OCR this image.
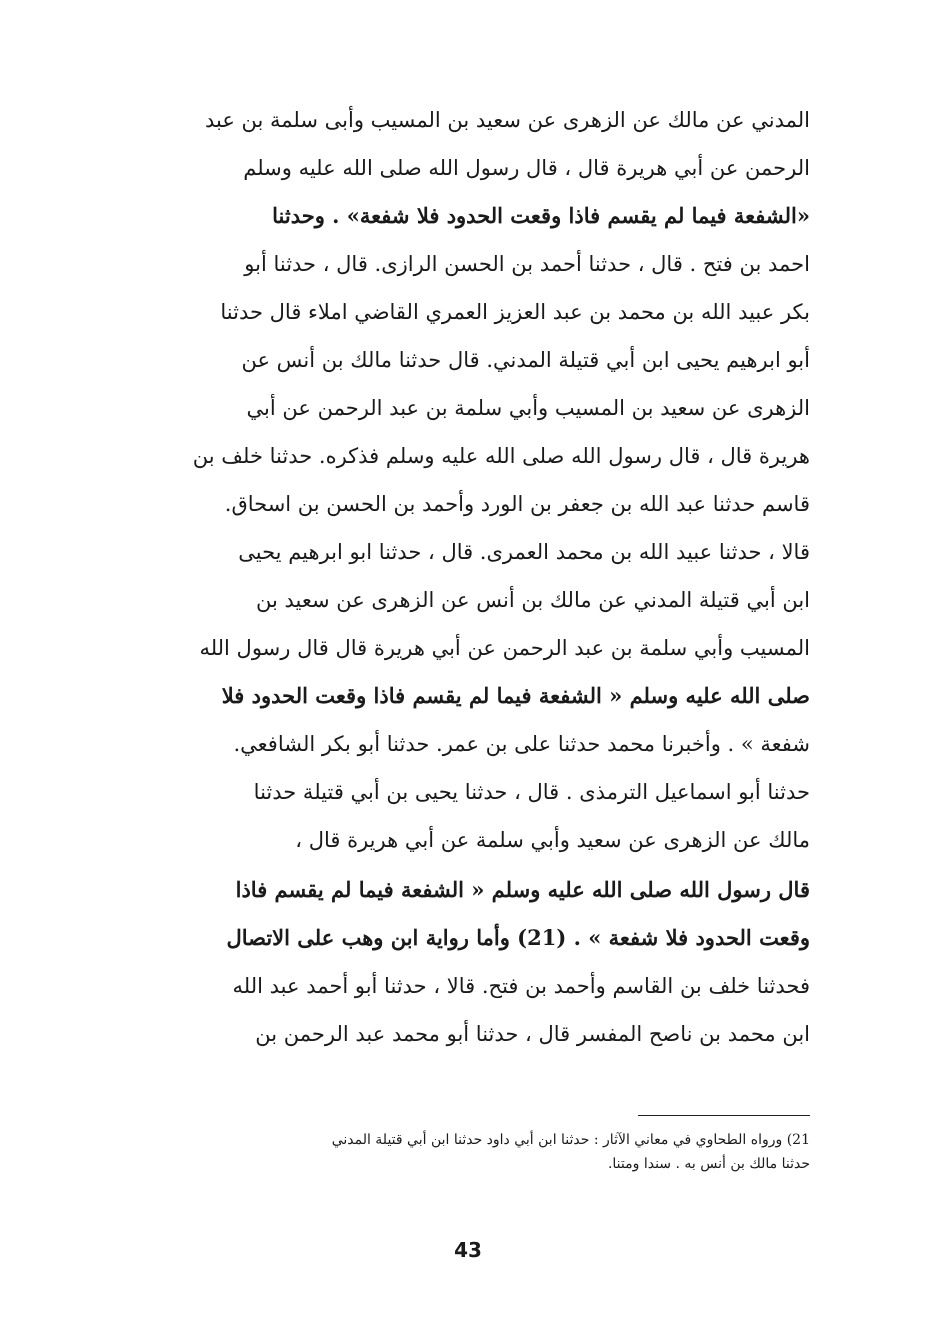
المدني عن مالك عن الزهرى عن سعيد بن المسيب وأبى سلمة بن عبد
الرحمن عن أبي هريرة قال ، قال رسول الله صلى الله عليه وسلم
«الشفعة فيما لم يقسم فاذا وقعت الحدود فلا شفعة» . وحدثنا
احمد بن فتح . قال ، حدثنا أحمد بن الحسن الرازى. قال ، حدثنا أبو
بكر عبيد الله بن محمد بن عبد العزيز العمري القاضي املاء قال حدثنا
أبو ابرهيم يحيى ابن أبي قتيلة المدني. قال حدثنا مالك بن أنس عن
الزهرى عن سعيد بن المسيب وأبي سلمة بن عبد الرحمن عن أبي
هريرة قال ، قال رسول الله صلى الله عليه وسلم فذكره. حدثنا خلف بن
قاسم حدثنا عبد الله بن جعفر بن الورد وأحمد بن الحسن بن اسحاق.
قالا ، حدثنا عبيد الله بن محمد العمرى. قال ، حدثنا ابو ابرهيم يحيى
ابن أبي قتيلة المدني عن مالك بن أنس عن الزهرى عن سعيد بن
المسيب وأبي سلمة بن عبد الرحمن عن أبي هريرة قال قال رسول الله
صلى الله عليه وسلم « الشفعة فيما لم يقسم فاذا وقعت الحدود فلا
شفعة » . وأخبرنا محمد حدثنا على بن عمر. حدثنا أبو بكر الشافعي.
حدثنا أبو اسماعيل الترمذى . قال ، حدثنا يحيى بن أبي قتيلة حدثنا
مالك عن الزهرى عن سعيد وأبي سلمة عن أبي هريرة قال ،
قال رسول الله صلى الله عليه وسلم « الشفعة فيما لم يقسم فاذا
وقعت الحدود فلا شفعة » . (21) وأما رواية ابن وهب على الاتصال
فحدثنا خلف بن القاسم وأحمد بن فتح. قالا ، حدثنا أبو أحمد عبد الله
ابن محمد بن ناصح المفسر قال ، حدثنا أبو محمد عبد الرحمن بن
21) ورواه الطحاوي في معاني الآثار : حدثنا ابن أبي داود حدثنا ابن أبي قتيلة المدني
حدثنا مالك بن أنس به . سندا ومتنا.
43
